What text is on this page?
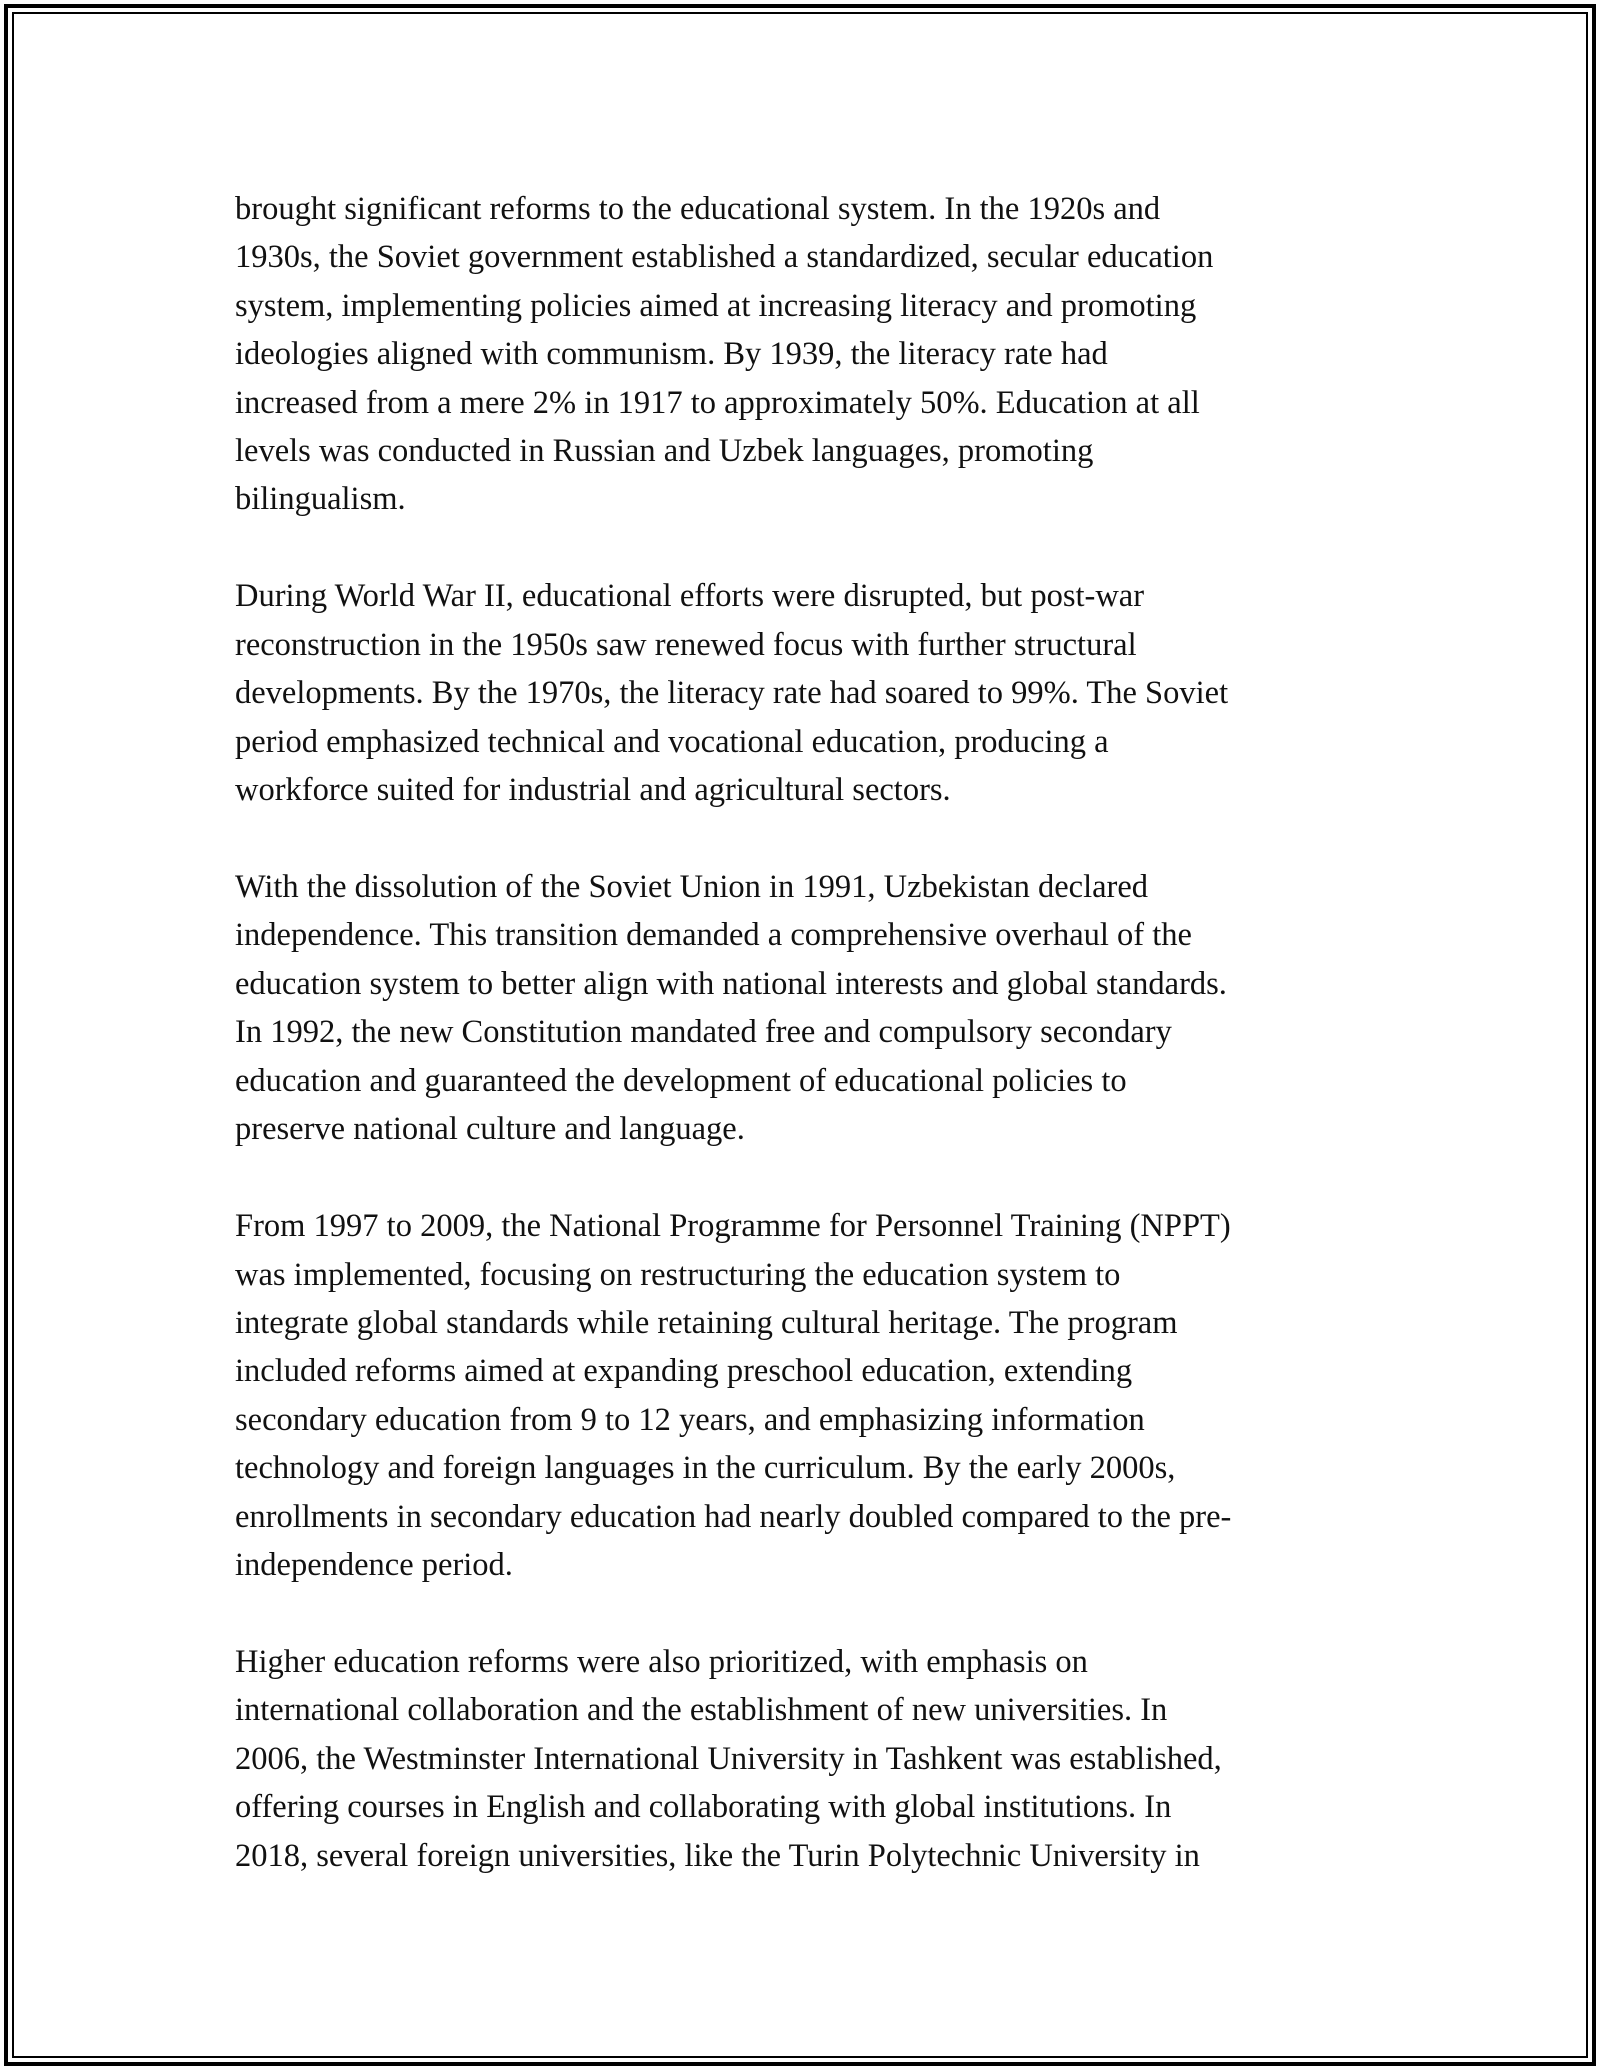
brought significant reforms to the educational system. In the 1920s and
1930s, the Soviet government established a standardized, secular education
system, implementing policies aimed at increasing literacy and promoting
ideologies aligned with communism. By 1939, the literacy rate had
increased from a mere 2% in 1917 to approximately 50%. Education at all
levels was conducted in Russian and Uzbek languages, promoting
bilingualism.

During World War II, educational efforts were disrupted, but post-war
reconstruction in the 1950s saw renewed focus with further structural
developments. By the 1970s, the literacy rate had soared to 99%. The Soviet
period emphasized technical and vocational education, producing a
workforce suited for industrial and agricultural sectors.

With the dissolution of the Soviet Union in 1991, Uzbekistan declared
independence. This transition demanded a comprehensive overhaul of the
education system to better align with national interests and global standards.
In 1992, the new Constitution mandated free and compulsory secondary
education and guaranteed the development of educational policies to
preserve national culture and language.

From 1997 to 2009, the National Programme for Personnel Training (NPPT)
was implemented, focusing on restructuring the education system to
integrate global standards while retaining cultural heritage. The program
included reforms aimed at expanding preschool education, extending
secondary education from 9 to 12 years, and emphasizing information
technology and foreign languages in the curriculum. By the early 2000s,
enrollments in secondary education had nearly doubled compared to the pre-
independence period.

Higher education reforms were also prioritized, with emphasis on
international collaboration and the establishment of new universities. In
2006, the Westminster International University in Tashkent was established,
offering courses in English and collaborating with global institutions. In
2018, several foreign universities, like the Turin Polytechnic University in
